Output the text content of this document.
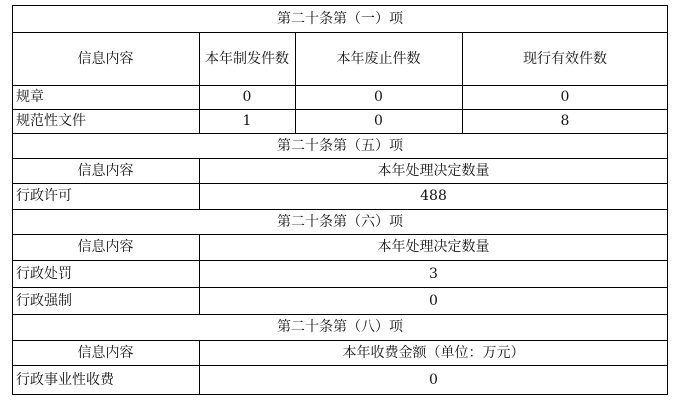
第二十条第（一）项
信息内容	本年制发件数	本年废止件数	现行有效件数
规章	0	0	0
规范性文件	1	0	8
第二十条第（五）项
信息内容	本年处理决定数量
行政许可	488
第二十条第（六）项
信息内容	本年处理决定数量
行政处罚	3
行政强制	0
第二十条第（八）项
信息内容	本年收费金额（单位：万元）
行政事业性收费	0
